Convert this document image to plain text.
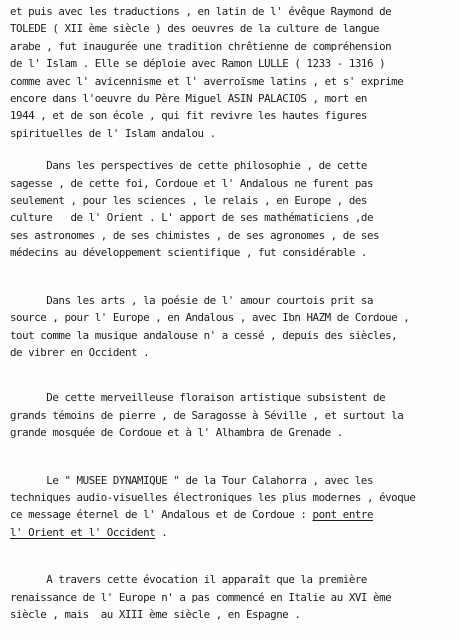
et puis avec les traductions , en latin de l' évêque Raymond de
TOLEDE ( XII ème siècle ) des oeuvres de la culture de langue
arabe , fut inaugurée une tradition chrêtienne de compréhension
de l' Islam . Elle se déploie avec Ramon LULLE ( 1233 - 1316 )
comme avec l' avicennisme et l' averroïsme latins , et s' exprime
encore dans l'oeuvre du Père Miguel ASIN PALACIOS , mort en
1944 , et de son école , qui fit revivre les hautes figures
spirituelles de l' Islam andalou .
Dans les perspectives de cette philosophie , de cette
sagesse , de cette foi, Cordoue et l' Andalous ne furent pas
seulement , pour les sciences , le relais , en Europe , des
culture   de l' Orient . L' apport de ses mathématiciens ,de
ses astronomes , de ses chimistes , de ses agronomes , de ses
médecins au développement scientifique , fut considérable .
Dans les arts , la poésie de l' amour courtois prit sa
source , pour l' Europe , en Andalous , avec Ibn HAZM de Cordoue ,
tout comme la musique andalouse n' a cessé , depuis des siècles,
de vibrer en Occident .
De cette merveilleuse floraison artistique subsistent de
grands témoins de pierre , de Saragosse à Séville , et surtout la
grande mosquée de Cordoue et à l' Alhambra de Grenade .
Le " MUSEE DYNAMIQUE " de la Tour Calahorra , avec les
techniques audio-visuelles électroniques les plus modernes , évoque
ce message éternel de l' Andalous et de Cordoue : pont entre
l' Orient et l' Occident .
A travers cette évocation il apparaît que la première
renaissance de l' Europe n' a pas commencé en Italie au XVI ème
siècle , mais  au XIII ème siècle , en Espagne .
